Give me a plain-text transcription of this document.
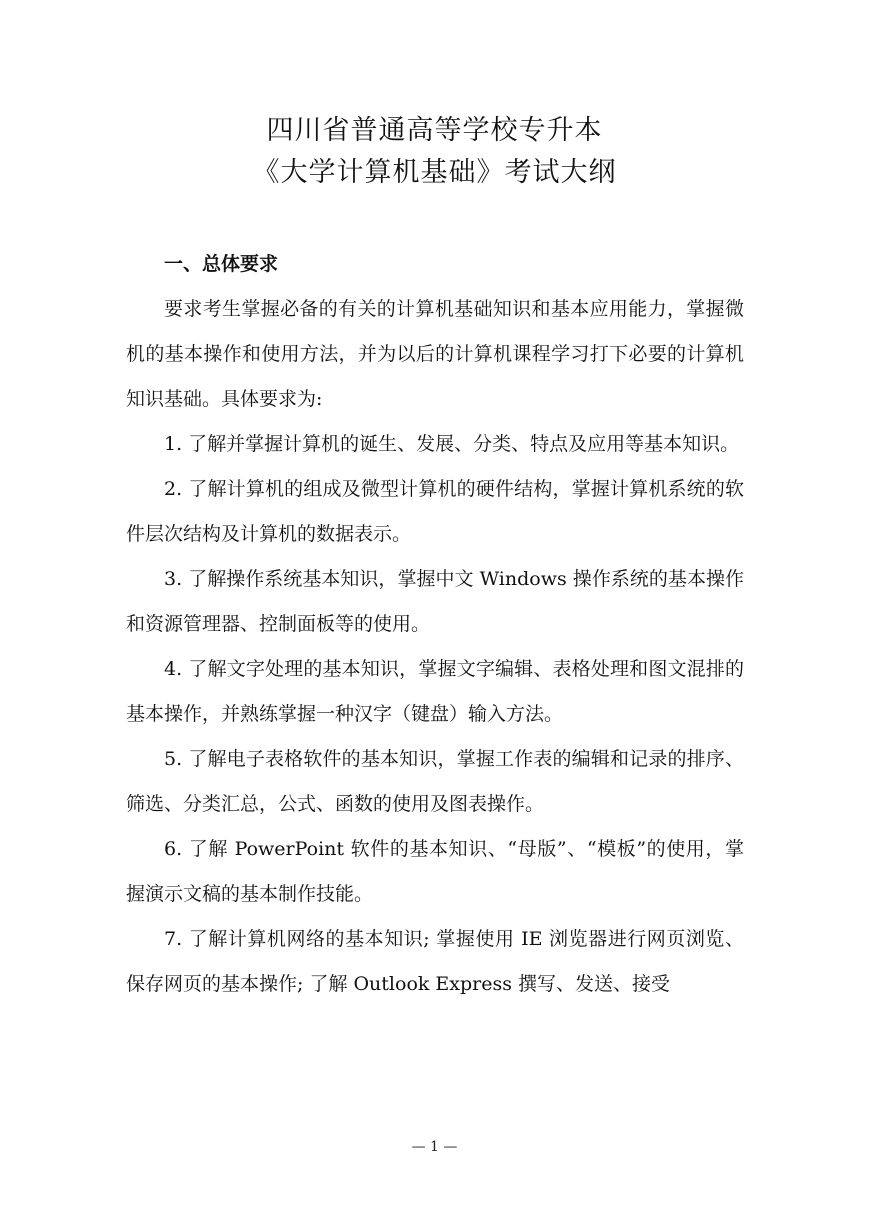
四川省普通高等学校专升本
《大学计算机基础》考试大纲
一、总体要求

要求考生掌握必备的有关的计算机基础知识和基本应用能力，掌握微机的基本操作和使用方法，并为以后的计算机课程学习打下必要的计算机知识基础。具体要求为:

1. 了解并掌握计算机的诞生、发展、分类、特点及应用等基本知识。

2. 了解计算机的组成及微型计算机的硬件结构，掌握计算机系统的软件层次结构及计算机的数据表示。

3. 了解操作系统基本知识，掌握中文 Windows 操作系统的基本操作和资源管理器、控制面板等的使用。

4. 了解文字处理的基本知识，掌握文字编辑、表格处理和图文混排的基本操作，并熟练掌握一种汉字（键盘）输入方法。

5. 了解电子表格软件的基本知识，掌握工作表的编辑和记录的排序、筛选、分类汇总，公式、函数的使用及图表操作。

6. 了解 PowerPoint 软件的基本知识、“母版”、“模板”的使用，掌握演示文稿的基本制作技能。

7. 了解计算机网络的基本知识; 掌握使用 IE 浏览器进行网页浏览、保存网页的基本操作; 了解 Outlook Express 撰写、发送、接受

— 1 —
